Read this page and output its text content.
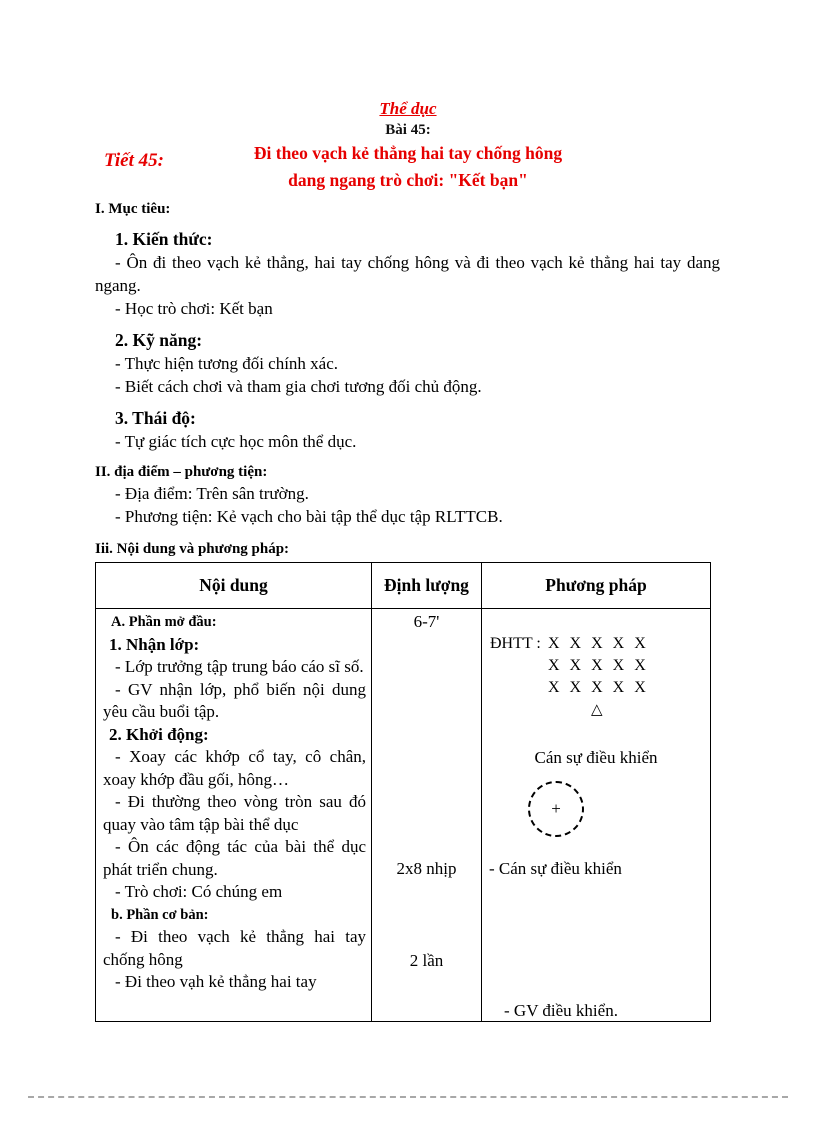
Thể dục
Bài 45:
Đi theo vạch kẻ thẳng hai tay chống hông
dang ngang trò chơi: "Kết bạn"
Tiết 45:
I. Mục tiêu:
1. Kiến thức:
- Ôn đi theo vạch kẻ thẳng, hai tay chống hông và đi theo vạch kẻ thẳng hai tay dang ngang.
- Học trò chơi: Kết bạn
2. Kỹ năng:
- Thực hiện tương đối chính xác.
- Biết cách chơi và tham gia chơi tương đối chủ động.
3. Thái độ:
- Tự giác tích cực học môn thể dục.
II. địa điểm – phương tiện:
- Địa điểm: Trên sân trường.
- Phương tiện: Kẻ vạch cho bài tập thể dục tập RLTTCB.
Iii. Nội dung và phương pháp:
Nội dung	Định lượng	Phương pháp
A. Phần mở đầu:
1. Nhận lớp:
- Lớp trưởng tập trung báo cáo sĩ số.
- GV nhận lớp, phổ biến nội dung yêu cầu buổi tập.
2. Khởi động:
- Xoay các khớp cổ tay, cô chân, xoay khớp đầu gối, hông…
- Đi thường theo vòng tròn sau đó quay vào tâm tập bài thể dục
- Ôn các động tác của bài thể dục phát triển chung.
- Trò chơi: Có chúng em
b. Phần cơ bản:
- Đi theo vạch kẻ thẳng hai tay chống hông
- Đi theo vạh kẻ thẳng hai tay
6-7'
2x8 nhịp
2 lần
ĐHTT : X X X X X
X X X X X
X X X X X
△
Cán sự điều khiển
+
- Cán sự điều khiển
- GV điều khiển.
